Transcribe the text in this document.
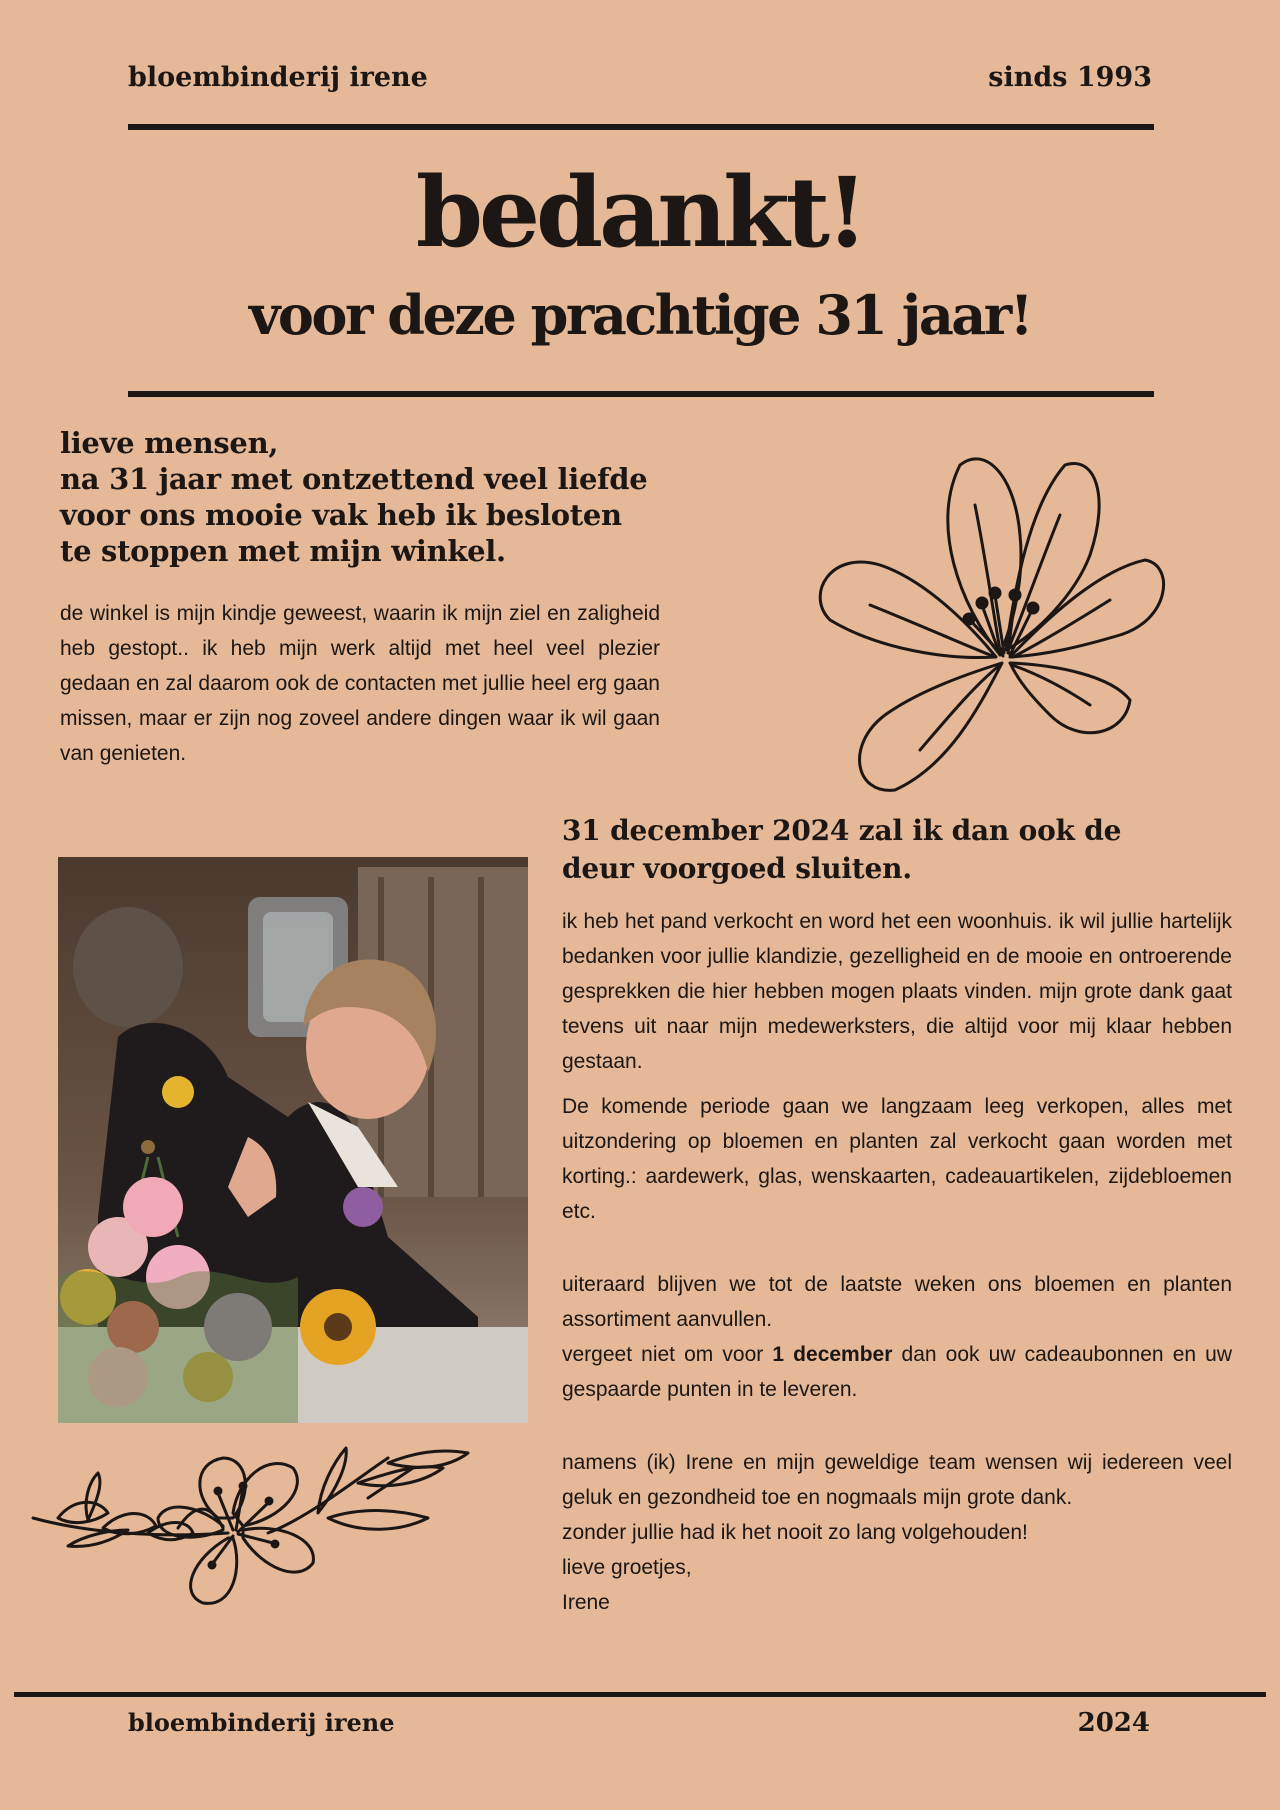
bloembinderij irene	sinds 1993
bedankt!
voor deze prachtige 31 jaar!
lieve mensen,
na 31 jaar met ontzettend veel liefde
voor ons mooie vak heb ik besloten
te stoppen met mijn winkel.
de winkel is mijn kindje geweest, waarin ik mijn ziel en zaligheid heb gestopt.. ik heb mijn werk altijd met heel veel plezier gedaan en zal daarom ook de contacten met jullie heel erg gaan missen, maar er zijn nog zoveel andere dingen waar ik wil gaan van genieten.
31 december 2024 zal ik dan ook de
deur voorgoed sluiten.

ik heb het pand verkocht en word het een woonhuis. ik wil jullie hartelijk bedanken voor jullie klandizie, gezelligheid en de mooie en ontroerende gesprekken die hier hebben mogen plaats vinden. mijn grote dank gaat tevens uit naar mijn medewerksters, die altijd voor mij klaar hebben gestaan.

De komende periode gaan we langzaam leeg verkopen, alles met uitzondering op bloemen en planten zal verkocht gaan worden met korting.: aardewerk, glas, wenskaarten, cadeauartikelen, zijdebloemen etc.

uiteraard blijven we tot de laatste weken ons bloemen en planten assortiment aanvullen.

vergeet niet om voor 1 december dan ook uw cadeaubonnen en uw gespaarde punten in te leveren.

namens (ik) Irene en mijn geweldige team wensen wij iedereen veel geluk en gezondheid toe en nogmaals mijn grote dank.

zonder jullie had ik het nooit zo lang volgehouden!

lieve groetjes,

Irene

bloembinderij irene	2024
